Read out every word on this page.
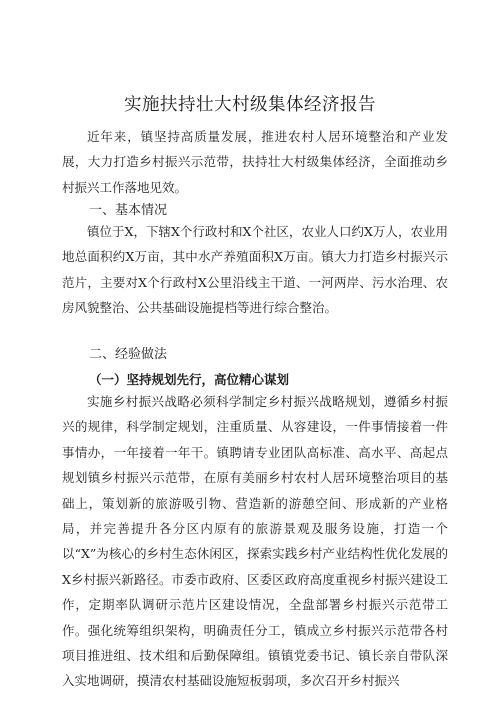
实施扶持壮大村级集体经济报告
近年来，镇坚持高质量发展，推进农村人居环境整治和产业发展，大力打造乡村振兴示范带，扶持壮大村级集体经济，全面推动乡村振兴工作落地见效。
一、基本情况
镇位于X，下辖X个行政村和X个社区，农业人口约X万人，农业用地总面积约X万亩，其中水产养殖面积X万亩。镇大力打造乡村振兴示范片，主要对X个行政村X公里沿线主干道、一河两岸、污水治理、农房风貌整治、公共基础设施提档等进行综合整治。
二、经验做法
（一）坚持规划先行，高位精心谋划
实施乡村振兴战略必须科学制定乡村振兴战略规划，遵循乡村振兴的规律，科学制定规划，注重质量、从容建设，一件事情接着一件事情办，一年接着一年干。镇聘请专业团队高标准、高水平、高起点规划镇乡村振兴示范带，在原有美丽乡村农村人居环境整治项目的基础上，策划新的旅游吸引物、营造新的游憩空间、形成新的产业格局，并完善提升各分区内原有的旅游景观及服务设施，打造一个以“X”为核心的乡村生态休闲区，探索实践乡村产业结构性优化发展的X乡村振兴新路径。市委市政府、区委区政府高度重视乡村振兴建设工作，定期率队调研示范片区建设情况，全盘部署乡村振兴示范带工作。强化统筹组织架构，明确责任分工，镇成立乡村振兴示范带各村项目推进组、技术组和后勤保障组。镇镇党委书记、镇长亲自带队深入实地调研，摸清农村基础设施短板弱项，多次召开乡村振兴
